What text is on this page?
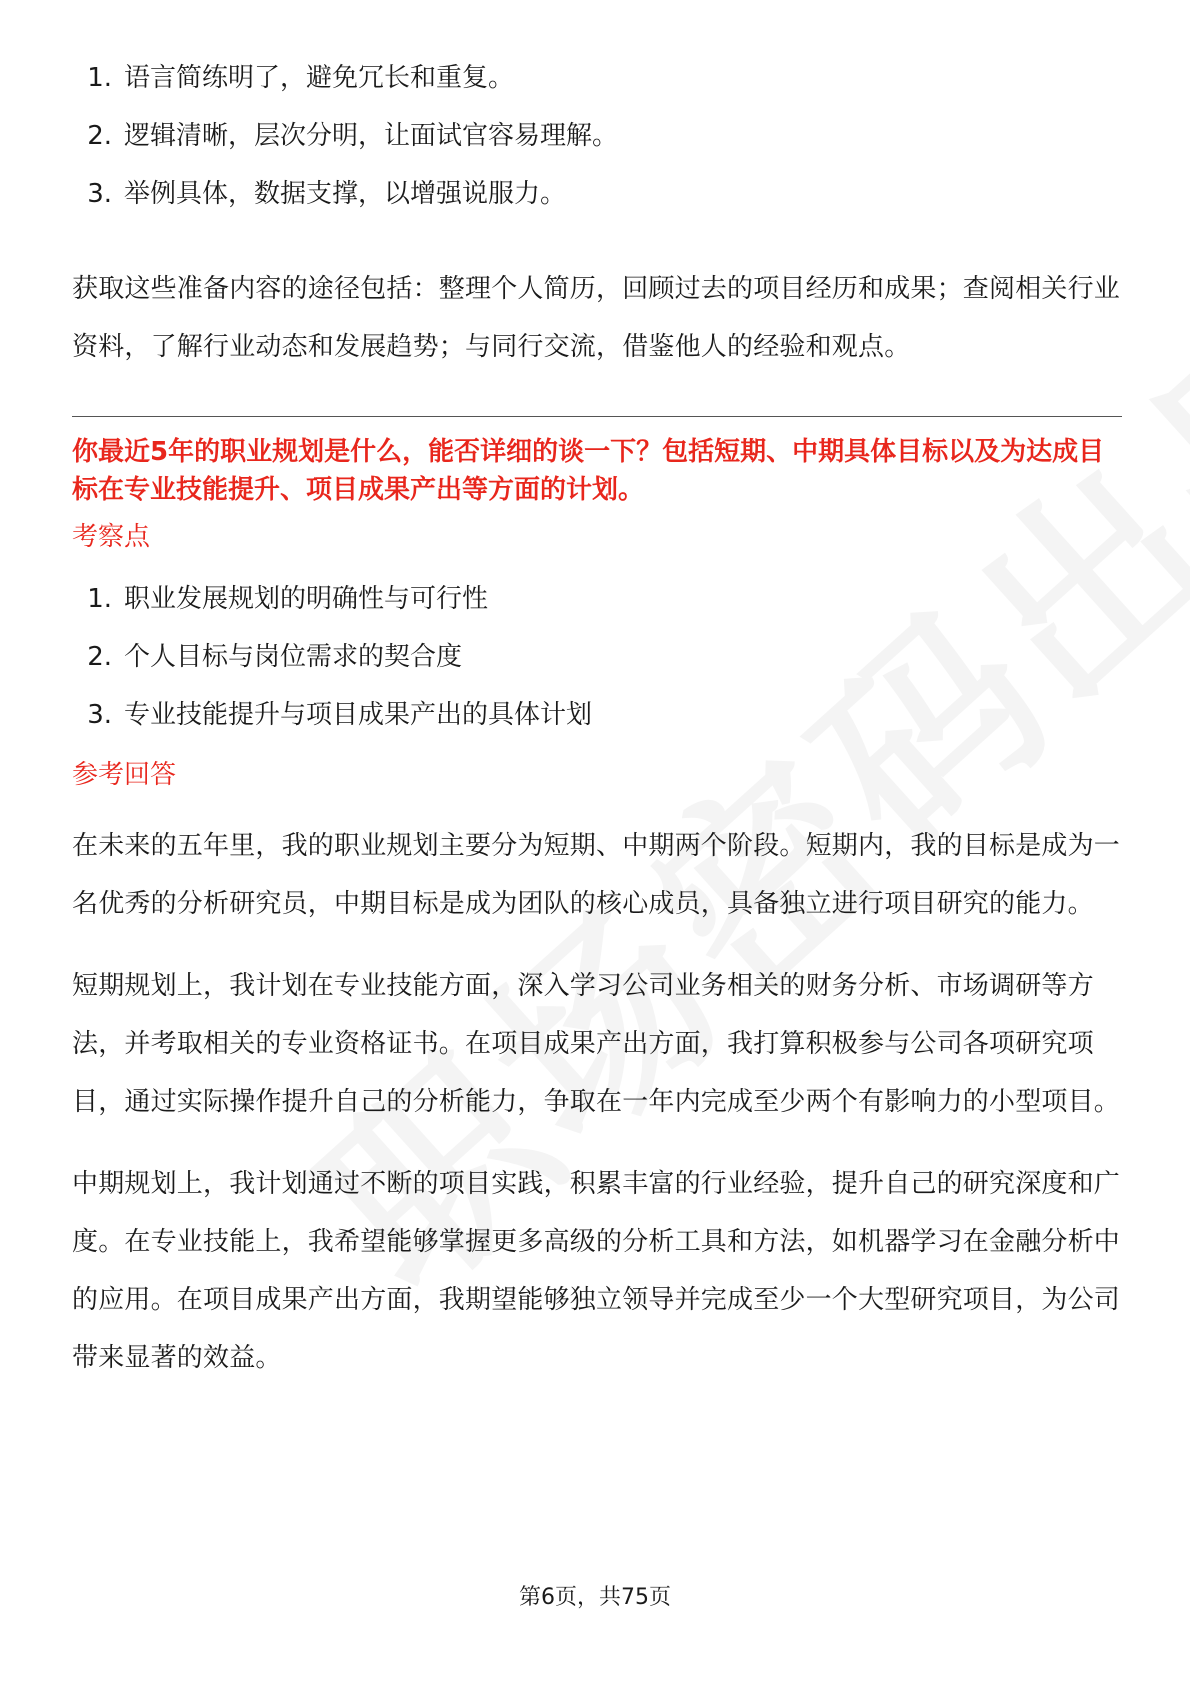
1. 语言简练明了，避免冗长和重复。
2. 逻辑清晰，层次分明，让面试官容易理解。
3. 举例具体，数据支撑，以增强说服力。

获取这些准备内容的途径包括：整理个人简历，回顾过去的项目经历和成果；查阅相关行业资料，了解行业动态和发展趋势；与同行交流，借鉴他人的经验和观点。

你最近5年的职业规划是什么，能否详细的谈一下？包括短期、中期具体目标以及为达成目标在专业技能提升、项目成果产出等方面的计划。

考察点

1. 职业发展规划的明确性与可行性
2. 个人目标与岗位需求的契合度
3. 专业技能提升与项目成果产出的具体计划

参考回答

在未来的五年里，我的职业规划主要分为短期、中期两个阶段。短期内，我的目标是成为一名优秀的分析研究员，中期目标是成为团队的核心成员，具备独立进行项目研究的能力。

短期规划上，我计划在专业技能方面，深入学习公司业务相关的财务分析、市场调研等方法，并考取相关的专业资格证书。在项目成果产出方面，我打算积极参与公司各项研究项目，通过实际操作提升自己的分析能力，争取在一年内完成至少两个有影响力的小型项目。

中期规划上，我计划通过不断的项目实践，积累丰富的行业经验，提升自己的研究深度和广度。在专业技能上，我希望能够掌握更多高级的分析工具和方法，如机器学习在金融分析中的应用。在项目成果产出方面，我期望能够独立领导并完成至少一个大型研究项目，为公司带来显著的效益。

第6页，共75页
